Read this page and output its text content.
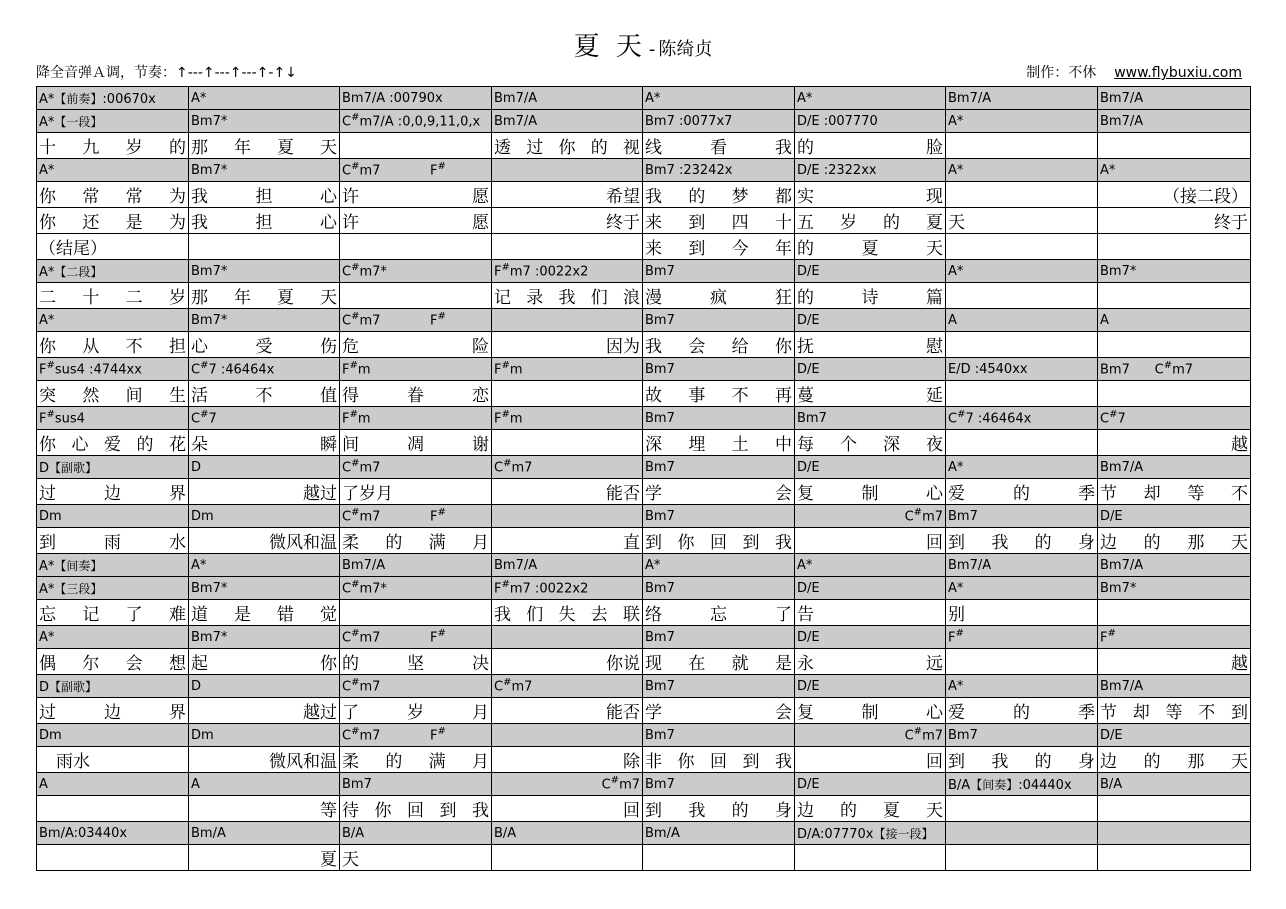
夏 天 - 陈绮贞
降全音弹Ａ调，节奏：↑---↑---↑---↑-↑↓	制作：不休 www.flybuxiu.com
A*【前奏】:00670x	A*	Bm7/A :00790x	Bm7/A	A*	A*	Bm7/A	Bm7/A
A*【一段】	Bm7*	C#m7/A :0,0,9,11,0,x	Bm7/A	Bm7 :0077x7	D/E :007770	A*	Bm7/A
十九岁的	那年夏天		透过你的视	线看我	的脸		
A*	Bm7*	C#m7            F#		Bm7 :23242x	D/E :2322xx	A*	A*
你常常为	我担心	许愿	希望	我的梦都	实现		（接二段）
你还是为	我担心	许愿	终于	来到四十	五岁的夏	天	终于
（结尾）				来到今年	的夏天		
A*【二段】	Bm7*	C#m7*	F#m7 :0022x2	Bm7	D/E	A*	Bm7*
二十二岁	那年夏天		记录我们浪	漫疯狂	的诗篇		
A*	Bm7*	C#m7            F#		Bm7	D/E	A	A
你从不担	心受伤	危险	因为	我会给你	抚慰		
F#sus4 :4744xx	C#7 :46464x	F#m	F#m	Bm7	D/E	E/D :4540xx	Bm7      C#m7
突然间生	活不值	得眷恋		故事不再	蔓延		
F#sus4	C#7	F#m	F#m	Bm7	Bm7	C#7 :46464x	C#7
你心爱的花	朵瞬	间凋谢		深埋土中	每个深夜		越
D【副歌】	D	C#m7	C#m7	Bm7	D/E	A*	Bm7/A
过边界	越过	了岁月	能否	学会	复制心	爱的季	节却等不
Dm	Dm	C#m7            F#		Bm7	C#m7	Bm7	D/E
到雨水	微风和温	柔的满月	直	到你回到我	回	到我的身	边的那天
A*【间奏】	A*	Bm7/A	Bm7/A	A*	A*	Bm7/A	Bm7/A
A*【三段】	Bm7*	C#m7*	F#m7 :0022x2	Bm7	D/E	A*	Bm7*
忘记了难	道是错觉		我们失去联	络忘了	告	别	
A*	Bm7*	C#m7            F#		Bm7	D/E	F#	F#
偶尔会想	起你	的坚决	你说	现在就是	永远		越
D【副歌】	D	C#m7	C#m7	Bm7	D/E	A*	Bm7/A
过边界	越过	了岁月	能否	学会	复制心	爱的季	节却等不到
Dm	Dm	C#m7            F#		Bm7	C#m7	Bm7	D/E
　雨水	微风和温	柔的满月	除	非你回到我	回	到我的身	边的那天
A	A	Bm7	C#m7	Bm7	D/E	B/A【间奏】:04440x	B/A
	等	待你回到我	回	到我的身	边的夏天		
Bm/A:03440x	Bm/A	B/A	B/A	Bm/A	D/A:07770x【接一段】		
	夏	天					
